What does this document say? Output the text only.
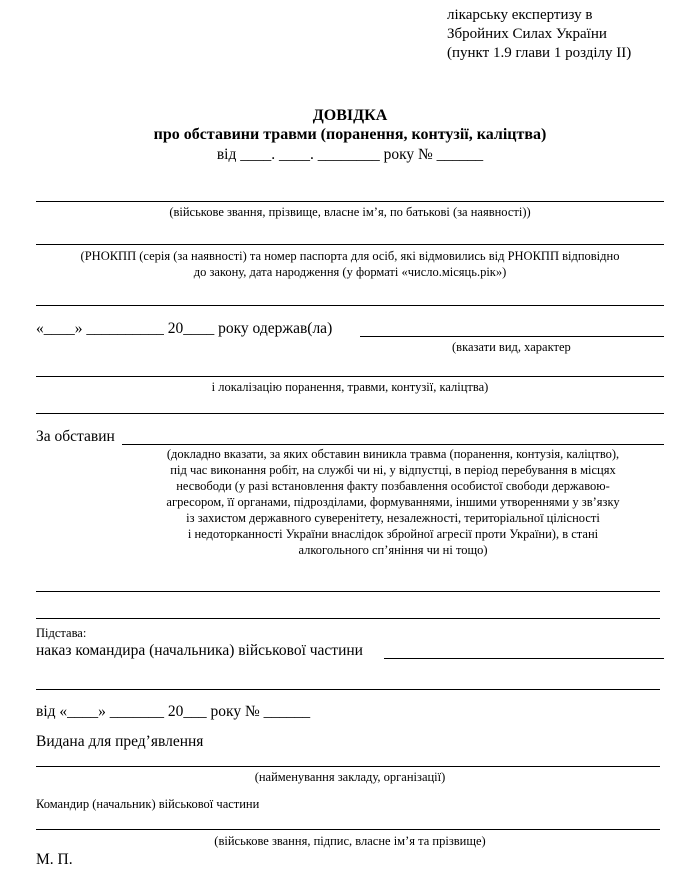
лікарську експертизу в
Збройних Силах України
(пункт 1.9 глави 1 розділу II)
ДОВІДКА
про обставини травми (поранення, контузії, каліцтва)
від ____. ____. ________ року № ______
(військове звання, прізвище, власне ім’я, по батькові (за наявності))
(РНОКПП (серія (за наявності) та номер паспорта для осіб, які відмовились від РНОКПП відповідно
до закону, дата народження (у форматі «число.місяць.рік»)
«____» __________ 20____ року одержав(ла)
(вказати вид, характер
і локалізацію поранення, травми, контузії, каліцтва)
За обставин
(докладно вказати, за яких обставин виникла травма (поранення, контузія, каліцтво),
під час виконання робіт, на службі чи ні, у відпустці, в період перебування в місцях
несвободи (у разі встановлення факту позбавлення особистої свободи державою-
агресором, її органами, підрозділами, формуваннями, іншими утвореннями у зв’язку
із захистом державного суверенітету, незалежності, територіальної цілісності
і недоторканності України внаслідок збройної агресії проти України), в стані
алкогольного сп’яніння чи ні тощо)
Підстава:
наказ командира (начальника) військової частини
від «____» _______ 20___ року № ______
Видана для пред’явлення
(найменування закладу, організації)
Командир (начальник) військової частини
(військове звання, підпис, власне ім’я та прізвище)
М. П.
